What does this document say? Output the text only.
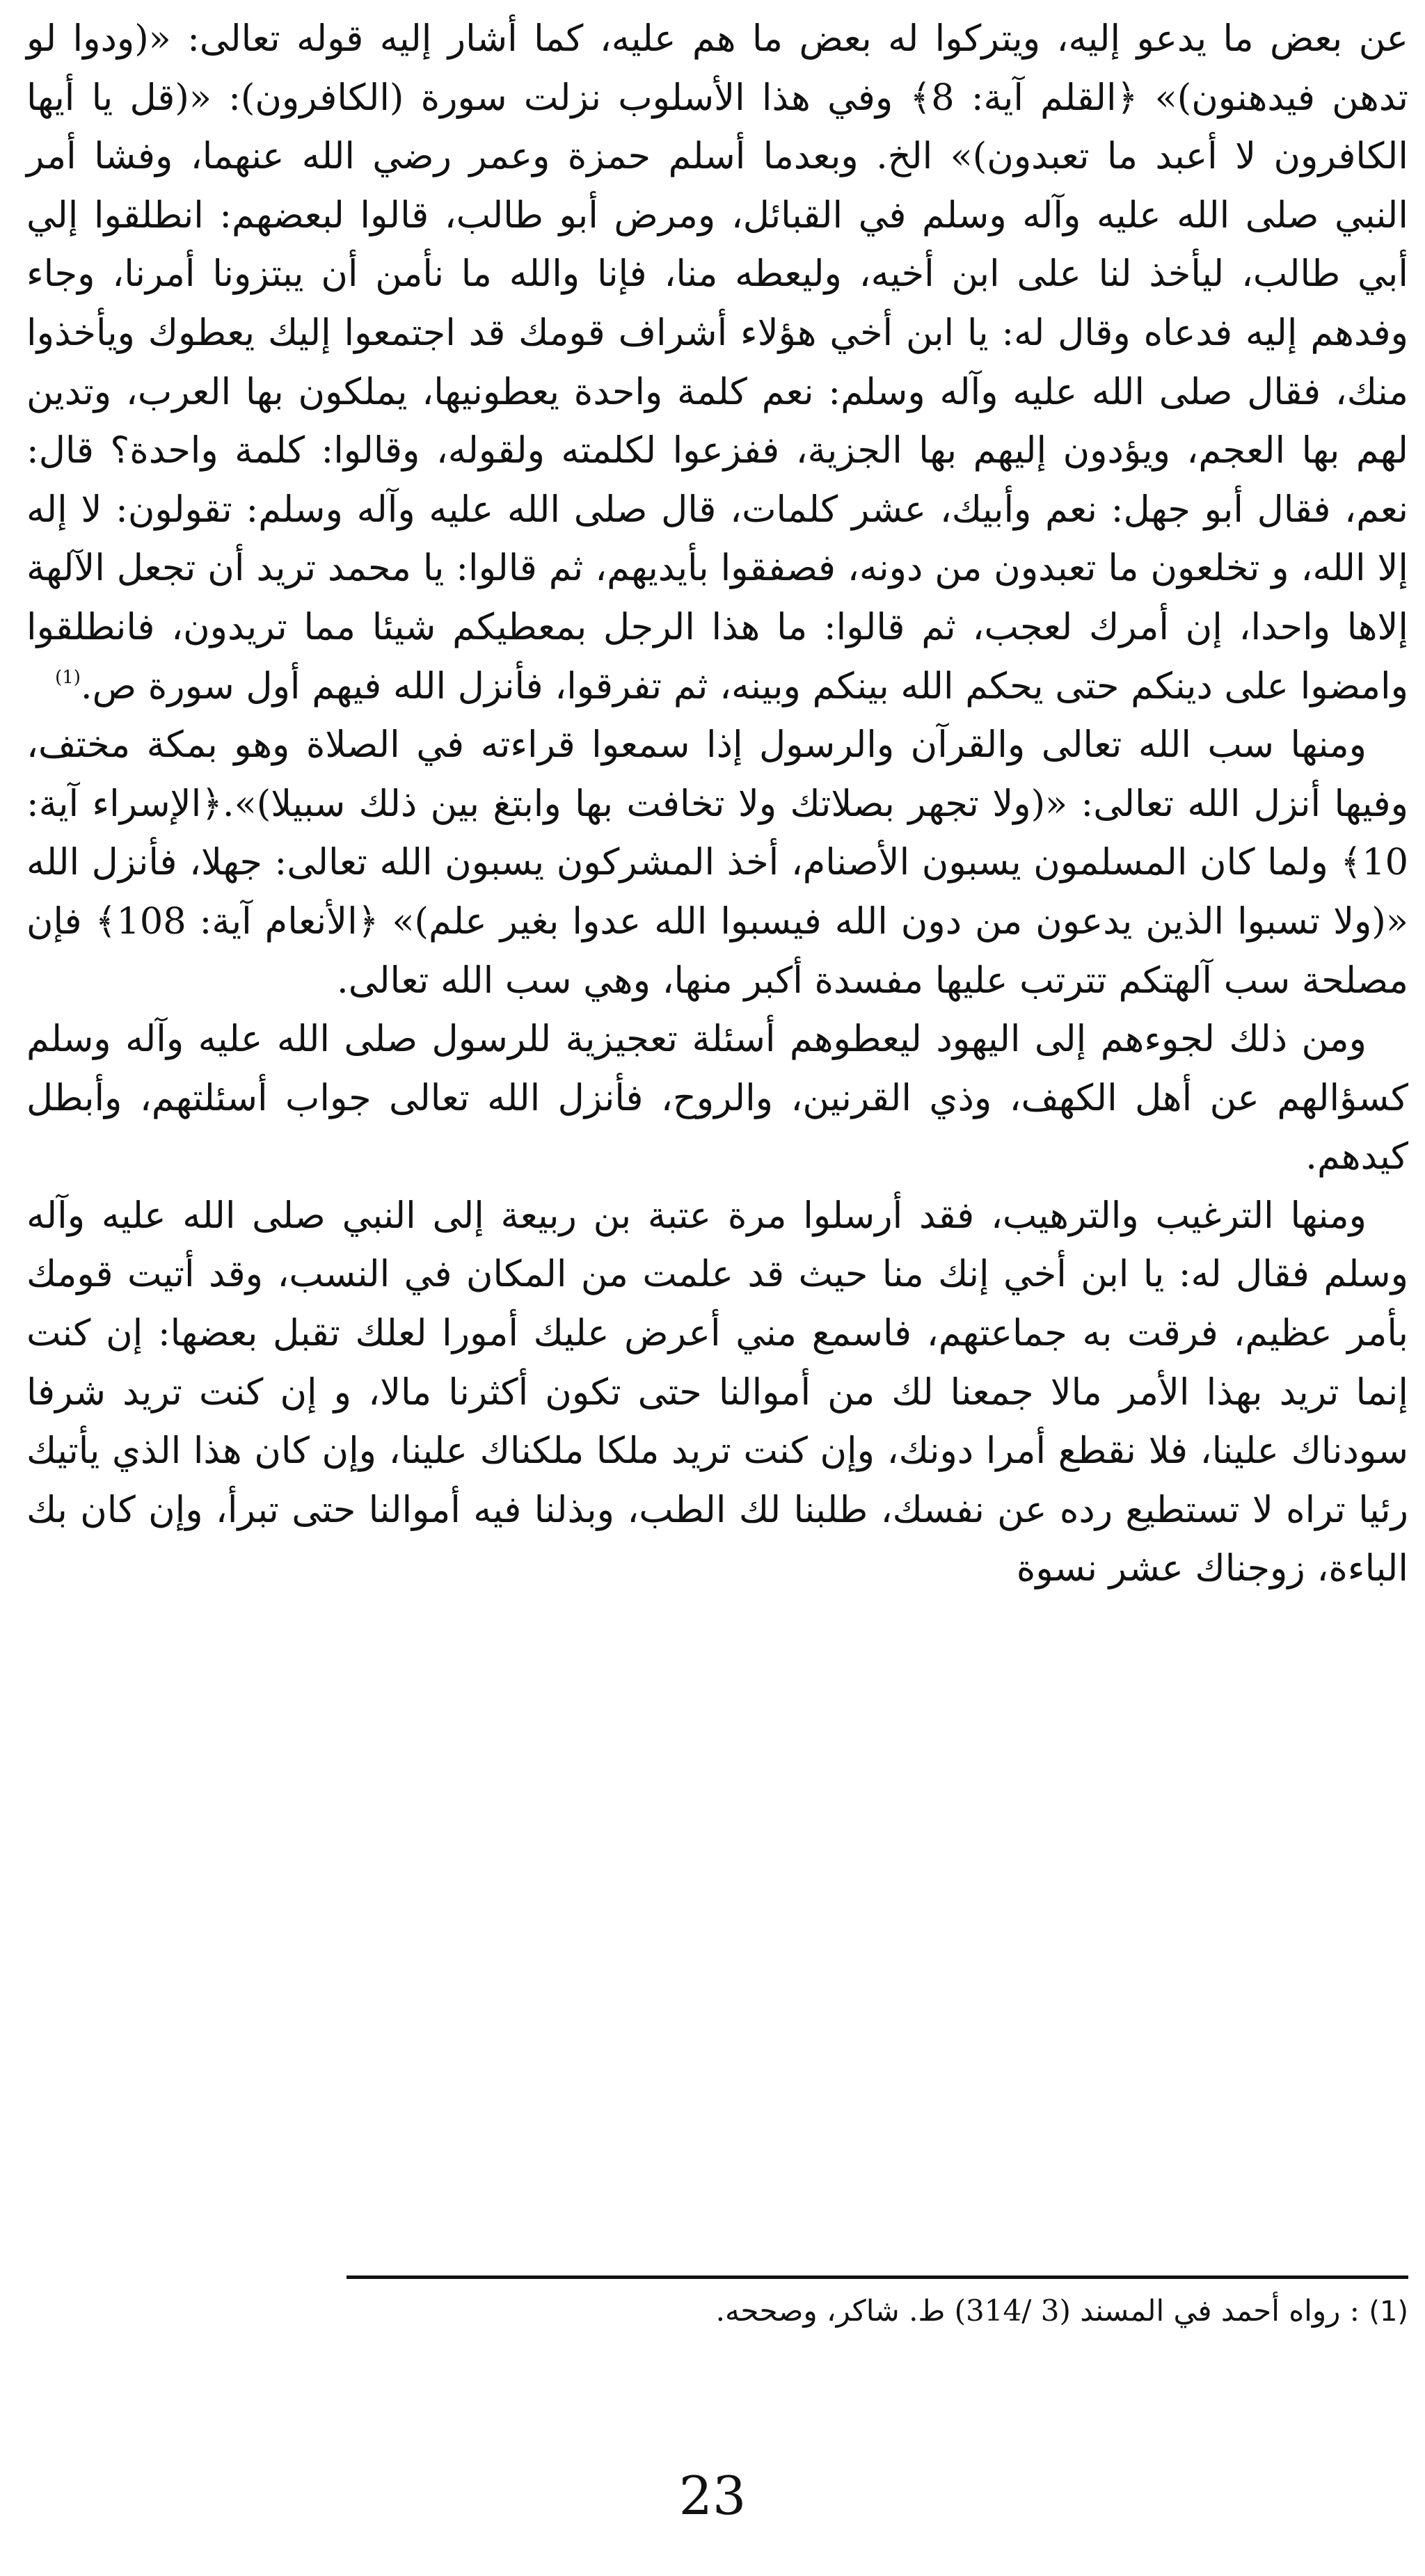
عن بعض ما يدعو إليه، ويتركوا له بعض ما هم عليه، كما أشار إليه قوله تعالى: «(ودوا لو تدهن فيدهنون)» ﴿القلم آية: 8﴾ وفي هذا الأسلوب نزلت سورة (الكافرون): «(قل يا أيها الكافرون لا أعبد ما تعبدون)» الخ. وبعدما أسلم حمزة وعمر رضي الله عنهما، وفشا أمر النبي صلى الله عليه وآله وسلم في القبائل، ومرض أبو طالب، قالوا لبعضهم: انطلقوا إلي أبي طالب، ليأخذ لنا على ابن أخيه، وليعطه منا، فإنا والله ما نأمن أن يبتزونا أمرنا، وجاء وفدهم إليه فدعاه وقال له: يا ابن أخي هؤلاء أشراف قومك قد اجتمعوا إليك يعطوك ويأخذوا منك، فقال صلى الله عليه وآله وسلم: نعم كلمة واحدة يعطونيها، يملكون بها العرب، وتدين لهم بها العجم، ويؤدون إليهم بها الجزية، ففزعوا لكلمته ولقوله، وقالوا: كلمة واحدة؟ قال: نعم، فقال أبو جهل: نعم وأبيك، عشر كلمات، قال صلى الله عليه وآله وسلم: تقولون: لا إله إلا الله، و تخلعون ما تعبدون من دونه، فصفقوا بأيديهم، ثم قالوا: يا محمد تريد أن تجعل الآلهة إلاها واحدا، إن أمرك لعجب، ثم قالوا: ما هذا الرجل بمعطيكم شيئا مما تريدون، فانطلقوا وامضوا على دينكم حتى يحكم الله بينكم وبينه، ثم تفرقوا، فأنزل الله فيهم أول سورة ص.$^{(1)}$

ومنها سب الله تعالى والقرآن والرسول إذا سمعوا قراءته في الصلاة وهو بمكة مختف، وفيها أنزل الله تعالى: «(ولا تجهر بصلاتك ولا تخافت بها وابتغ بين ذلك سبيلا)».﴿الإسراء آية: 10﴾ ولما كان المسلمون يسبون الأصنام، أخذ المشركون يسبون الله تعالى: جهلا، فأنزل الله «(ولا تسبوا الذين يدعون من دون الله فيسبوا الله عدوا بغير علم)» ﴿الأنعام آية: 108﴾ فإن مصلحة سب آلهتكم تترتب عليها مفسدة أكبر منها، وهي سب الله تعالى.

ومن ذلك لجوءهم إلى اليهود ليعطوهم أسئلة تعجيزية للرسول صلى الله عليه وآله وسلم كسؤالهم عن أهل الكهف، وذي القرنين، والروح، فأنزل الله تعالى جواب أسئلتهم، وأبطل كيدهم.

ومنها الترغيب والترهيب، فقد أرسلوا مرة عتبة بن ربيعة إلى النبي صلى الله عليه وآله وسلم فقال له: يا ابن أخي إنك منا حيث قد علمت من المكان في النسب، وقد أتيت قومك بأمر عظيم، فرقت به جماعتهم، فاسمع مني أعرض عليك أمورا لعلك تقبل بعضها: إن كنت إنما تريد بهذا الأمر مالا جمعنا لك من أموالنا حتى تكون أكثرنا مالا، و إن كنت تريد شرفا سودناك علينا، فلا نقطع أمرا دونك، وإن كنت تريد ملكا ملكناك علينا، وإن كان هذا الذي يأتيك رئيا تراه لا تستطيع رده عن نفسك، طلبنا لك الطب، وبذلنا فيه أموالنا حتى تبرأ، وإن كان بك الباءة، زوجناك عشر نسوة

(1) : رواه أحمد في المسند (3 /314) ط. شاكر، وصححه.
23
